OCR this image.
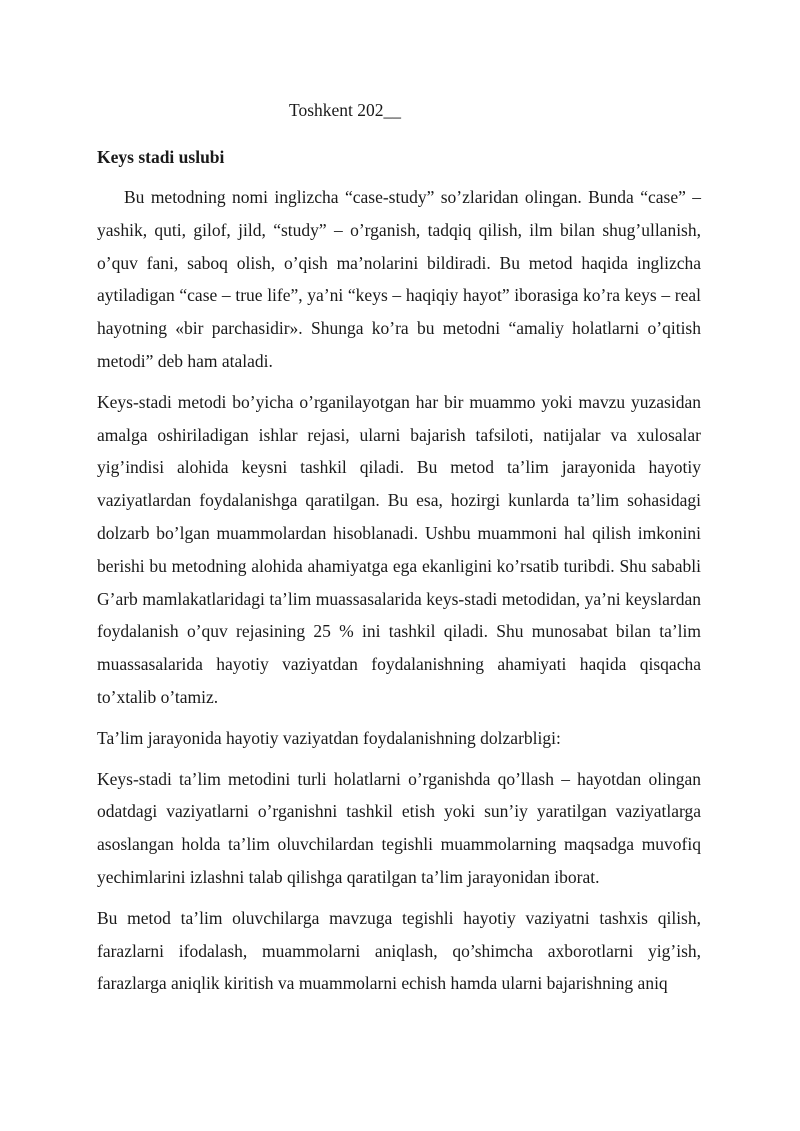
Toshkent 202__
Keys stadi uslubi

Bu metodning nomi inglizcha “case-study” so’zlaridan olingan. Bunda “case” – yashik, quti, gilof, jild, “study” – o’rganish, tadqiq qilish, ilm bilan shug’ullanish, o’quv fani, saboq olish, o’qish ma’nolarini bildiradi. Bu metod haqida inglizcha aytiladigan “case – true life”, ya’ni “keys – haqiqiy hayot” iborasiga ko’ra keys – real hayotning «bir parchasidir». Shunga ko’ra bu metodni “amaliy holatlarni o’qitish metodi” deb ham ataladi.

Keys-stadi metodi bo’yicha o’rganilayotgan har bir muammo yoki mavzu yuzasidan amalga oshiriladigan ishlar rejasi, ularni bajarish tafsiloti, natijalar va xulosalar yig’indisi alohida keysni tashkil qiladi. Bu metod ta’lim jarayonida hayotiy vaziyatlardan foydalanishga qaratilgan. Bu esa, hozirgi kunlarda ta’lim sohasidagi dolzarb bo’lgan muammolardan hisoblanadi. Ushbu muammoni hal qilish imkonini berishi bu metodning alohida ahamiyatga ega ekanligini ko’rsatib turibdi. Shu sababli G’arb mamlakatlaridagi ta’lim muassasalarida keys-stadi metodidan, ya’ni keyslardan foydalanish o’quv rejasining 25 % ini tashkil qiladi. Shu munosabat bilan ta’lim muassasalarida hayotiy vaziyatdan foydalanishning ahamiyati haqida qisqacha to’xtalib o’tamiz.

Ta’lim jarayonida hayotiy vaziyatdan foydalanishning dolzarbligi:

Keys-stadi ta’lim metodini turli holatlarni o’rganishda qo’llash – hayotdan olingan odatdagi vaziyatlarni o’rganishni tashkil etish yoki sun’iy yaratilgan vaziyatlarga asoslangan holda ta’lim oluvchilardan tegishli muammolarning maqsadga muvofiq yechimlarini izlashni talab qilishga qaratilgan ta’lim jarayonidan iborat.

Bu metod ta’lim oluvchilarga mavzuga tegishli hayotiy vaziyatni tashxis qilish, farazlarni ifodalash, muammolarni aniqlash, qo’shimcha axborotlarni yig’ish, farazlarga aniqlik kiritish va muammolarni echish hamda ularni bajarishning aniq
